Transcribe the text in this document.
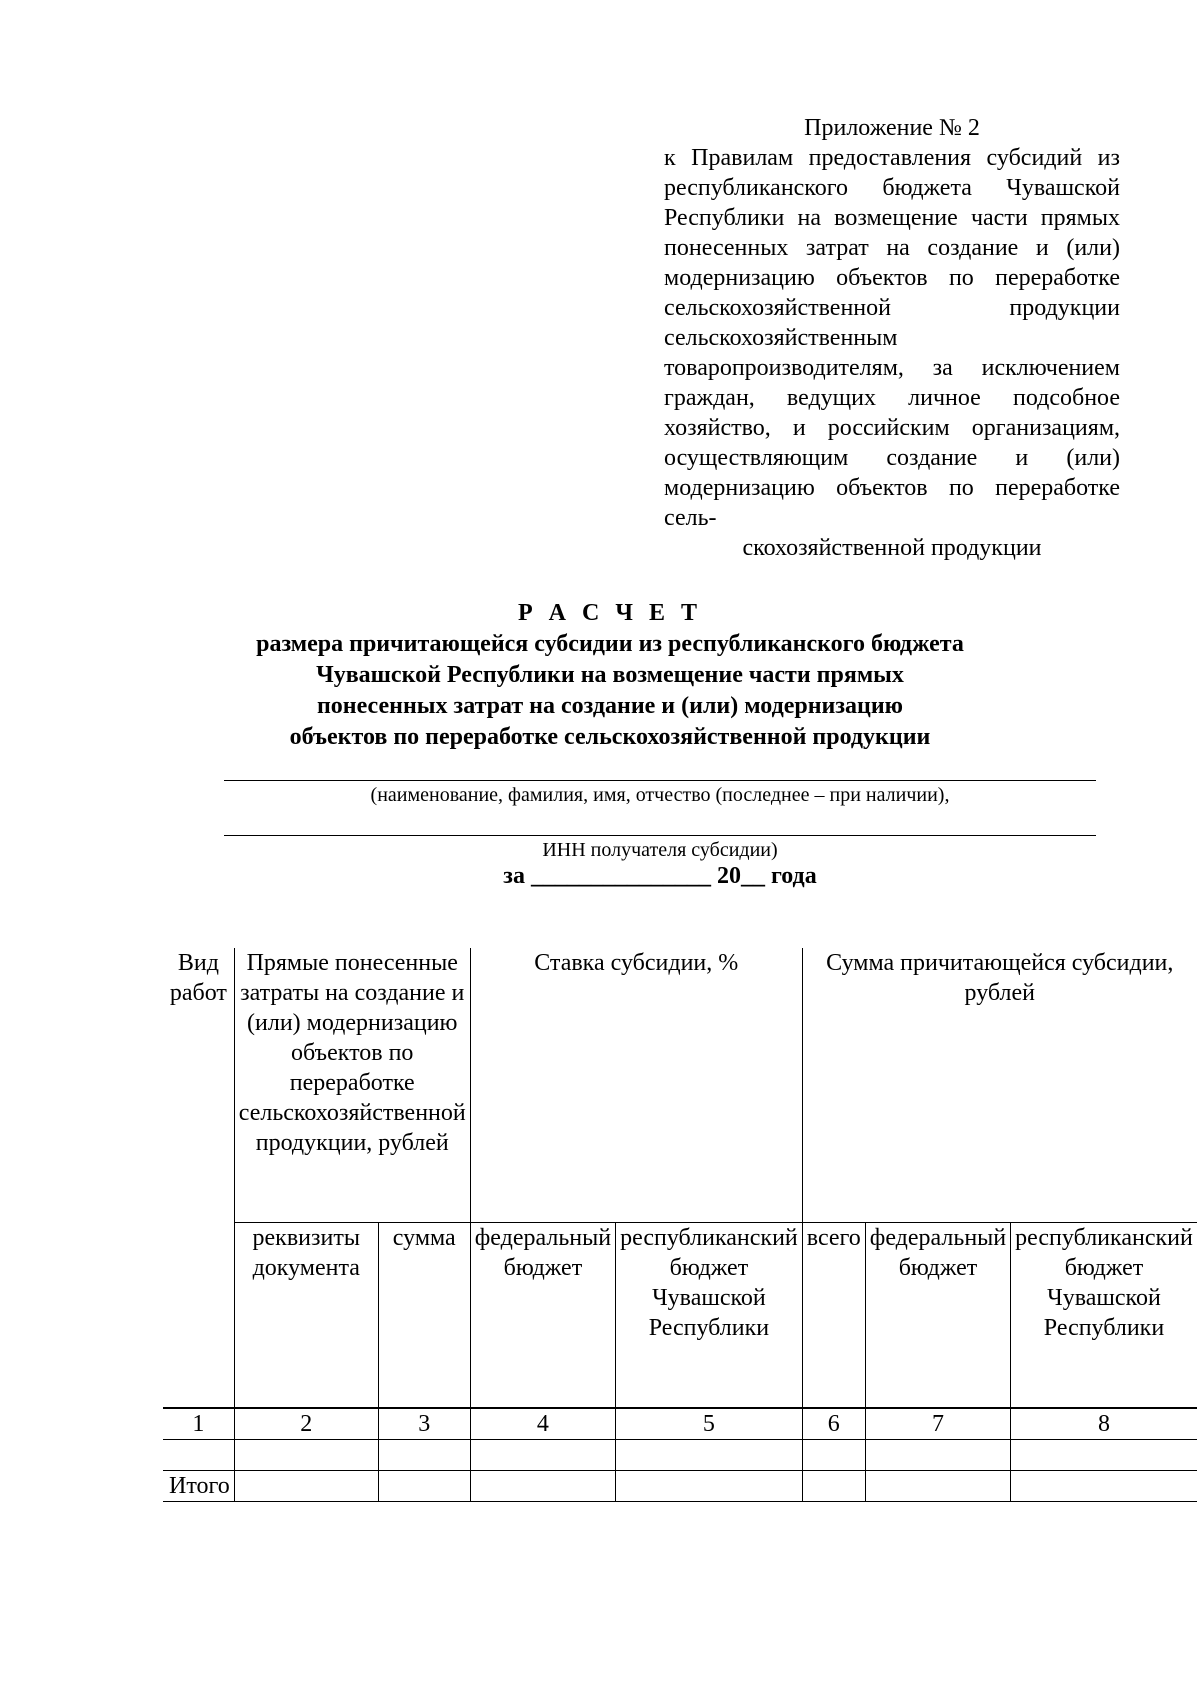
Приложение № 2
к Правилам предоставления субсидий из республиканского бюджета Чувашской Республики на возмещение части прямых понесенных затрат на создание и (или) модернизацию объектов по переработке сельскохозяйственной продукции сельскохозяйственным товаропроизводителям, за исключением граждан, ведущих личное подсобное хозяйство, и российским организациям, осуществляющим создание и (или) модернизацию объектов по переработке сель-
скохозяйственной продукции
Р А С Ч Е Т
размера причитающейся субсидии из республиканского бюджета
Чувашской Республики на возмещение части прямых
понесенных затрат на создание и (или) модернизацию
объектов по переработке сельскохозяйственной продукции
(наименование, фамилия, имя, отчество (последнее – при наличии),
ИНН получателя субсидии)
за _______________ 20__ года
Вид работ	Прямые понесенные затраты на создание и (или) модернизацию объектов по переработке сельскохозяйственной продукции, рублей		Ставка субсидии, %		Сумма причитающейся субсидии, рублей		
	реквизиты документа	сумма	федеральный бюджет	республиканский бюджет Чувашской Республики	всего	федеральный бюджет	республиканский бюджет Чувашской Республики
1	2	3	4	5	6	7	8

Итого							
